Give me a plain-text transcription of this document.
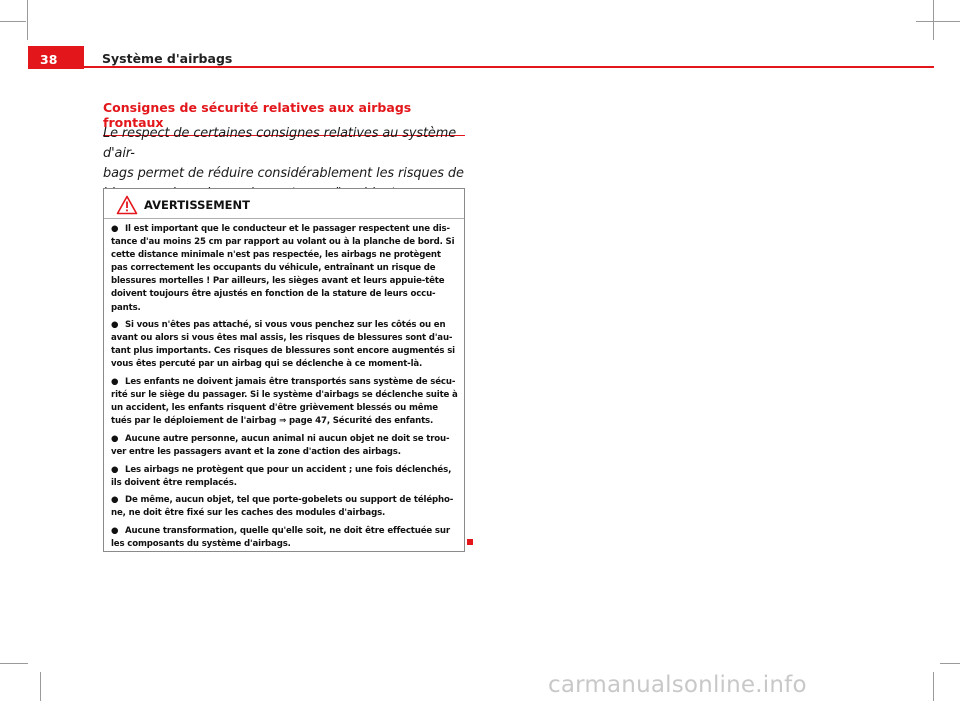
38	Système d'airbags
Consignes de sécurité relatives aux airbags frontaux
Le respect de certaines consignes relatives au système d'air-
bags permet de réduire considérablement les risques de
AVERTISSEMENT
● Il est important que le conducteur et le passager respectent une dis-
tance d'au moins 25 cm par rapport au volant ou à la planche de bord. Si
cette distance minimale n'est pas respectée, les airbags ne protègent
pas correctement les occupants du véhicule, entraînant un risque de
blessures mortelles ! Par ailleurs, les sièges avant et leurs appuie-tête
doivent toujours être ajustés en fonction de la stature de leurs occu-
pants.
● Si vous n'êtes pas attaché, si vous vous penchez sur les côtés ou en
avant ou alors si vous êtes mal assis, les risques de blessures sont d'au-
tant plus importants. Ces risques de blessures sont encore augmentés si
vous êtes percuté par un airbag qui se déclenche à ce moment-là.
● Les enfants ne doivent jamais être transportés sans système de sécu-
rité sur le siège du passager. Si le système d'airbags se déclenche suite à
un accident, les enfants risquent d'être grièvement blessés ou même
tués par le déploiement de l'airbag ⇒ page 47, Sécurité des enfants.
● Aucune autre personne, aucun animal ni aucun objet ne doit se trou-
ver entre les passagers avant et la zone d'action des airbags.
● Les airbags ne protègent que pour un accident ; une fois déclenchés,
ils doivent être remplacés.
● De même, aucun objet, tel que porte-gobelets ou support de télépho-
ne, ne doit être fixé sur les caches des modules d'airbags.
● Aucune transformation, quelle qu'elle soit, ne doit être effectuée sur
les composants du système d'airbags.
carmanualsonline.info
